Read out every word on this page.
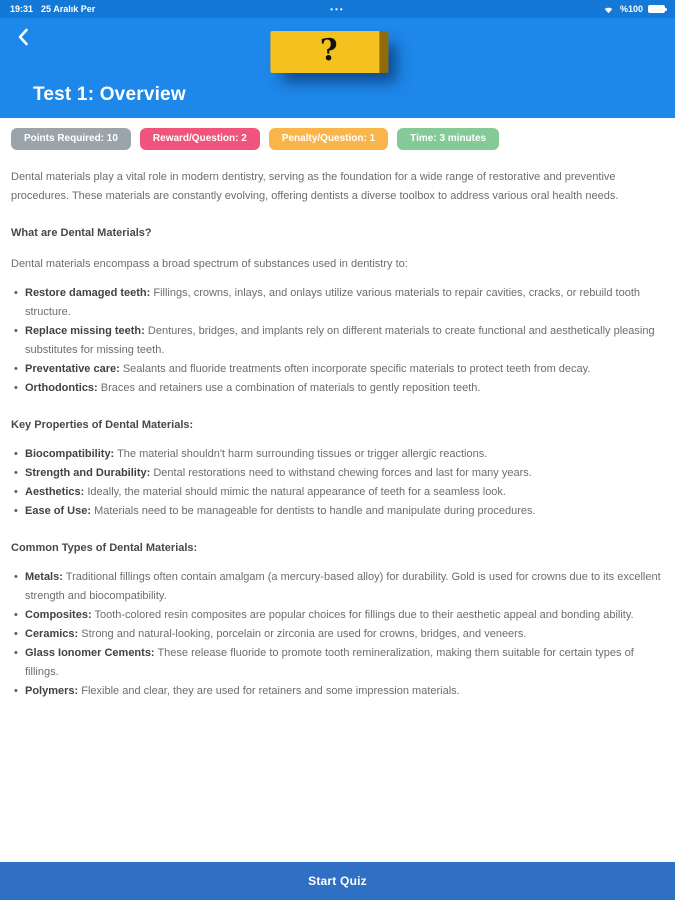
19:31 25 Aralık Per	•••	%100
?
Test 1: Overview
Points Required: 10	Reward/Question: 2	Penalty/Question: 1	Time: 3 minutes

Dental materials play a vital role in modern dentistry, serving as the foundation for a wide range of restorative and preventive procedures. These materials are constantly evolving, offering dentists a diverse toolbox to address various oral health needs.

What are Dental Materials?

Dental materials encompass a broad spectrum of substances used in dentistry to:

• Restore damaged teeth: Fillings, crowns, inlays, and onlays utilize various materials to repair cavities, cracks, or rebuild tooth structure.
• Replace missing teeth: Dentures, bridges, and implants rely on different materials to create functional and aesthetically pleasing substitutes for missing teeth.
• Preventative care: Sealants and fluoride treatments often incorporate specific materials to protect teeth from decay.
• Orthodontics: Braces and retainers use a combination of materials to gently reposition teeth.
Key Properties of Dental Materials:
• Biocompatibility: The material shouldn't harm surrounding tissues or trigger allergic reactions.
• Strength and Durability: Dental restorations need to withstand chewing forces and last for many years.
• Aesthetics: Ideally, the material should mimic the natural appearance of teeth for a seamless look.
• Ease of Use: Materials need to be manageable for dentists to handle and manipulate during procedures.
Common Types of Dental Materials:
• Metals: Traditional fillings often contain amalgam (a mercury-based alloy) for durability. Gold is used for crowns due to its excellent strength and biocompatibility.
• Composites: Tooth-colored resin composites are popular choices for fillings due to their aesthetic appeal and bonding ability.
• Ceramics: Strong and natural-looking, porcelain or zirconia are used for crowns, bridges, and veneers.
• Glass Ionomer Cements: These release fluoride to promote tooth remineralization, making them suitable for certain types of fillings.
• Polymers: Flexible and clear, they are used for retainers and some impression materials.
Start Quiz
